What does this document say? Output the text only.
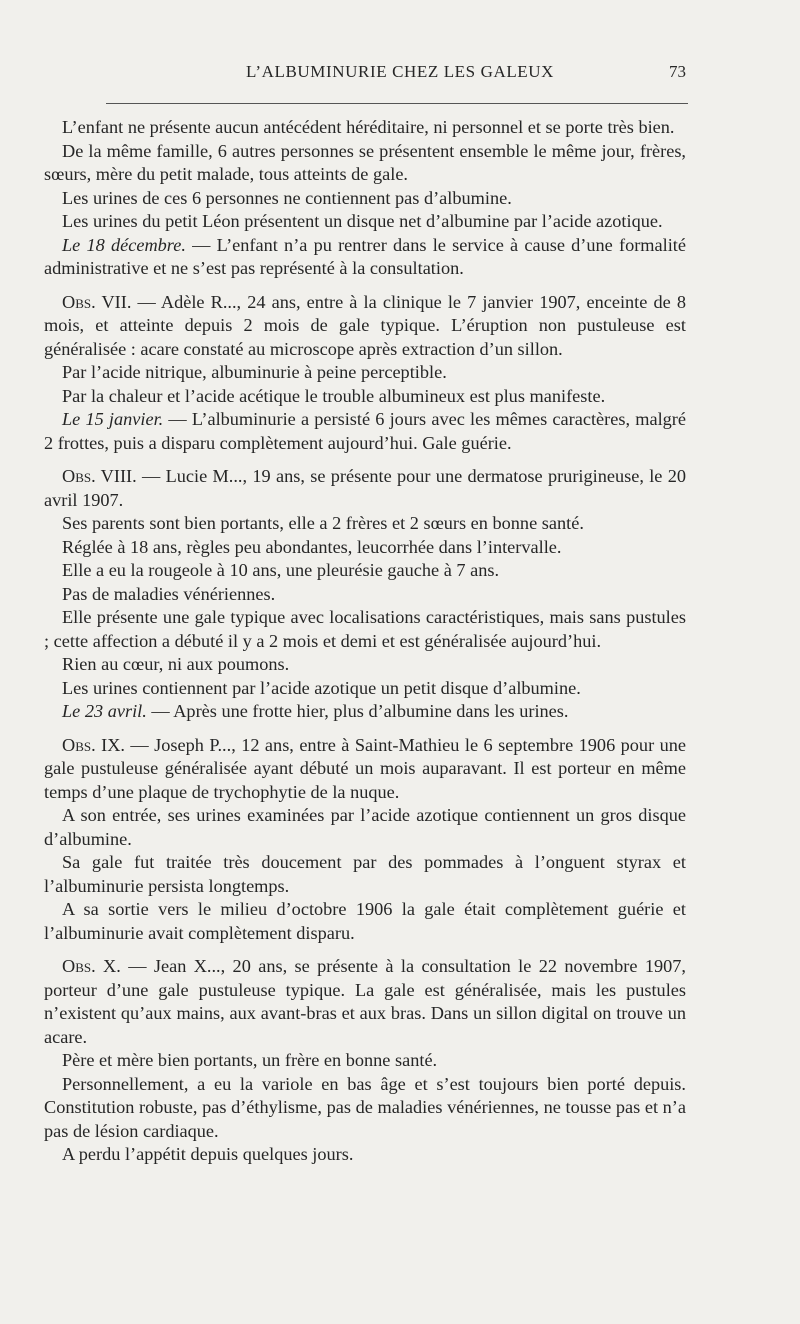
L’ALBUMINURIE CHEZ LES GALEUX	73

L’enfant ne présente aucun antécédent héréditaire, ni personnel et se porte très bien.

De la même famille, 6 autres personnes se présentent ensemble le même jour, frères, sœurs, mère du petit malade, tous atteints de gale.

Les urines de ces 6 personnes ne contiennent pas d’albumine.

Les urines du petit Léon présentent un disque net d’albumine par l’acide azotique.

Le 18 décembre. — L’enfant n’a pu rentrer dans le service à cause d’une formalité administrative et ne s’est pas représenté à la consultation.

Obs. VII. — Adèle R..., 24 ans, entre à la clinique le 7 janvier 1907, enceinte de 8 mois, et atteinte depuis 2 mois de gale typique. L’éruption non pustuleuse est généralisée : acare constaté au microscope après extraction d’un sillon.

Par l’acide nitrique, albuminurie à peine perceptible.

Par la chaleur et l’acide acétique le trouble albumineux est plus manifeste.

Le 15 janvier. — L’albuminurie a persisté 6 jours avec les mêmes caractères, malgré 2 frottes, puis a disparu complètement aujourd’hui. Gale guérie.

Obs. VIII. — Lucie M..., 19 ans, se présente pour une dermatose prurigineuse, le 20 avril 1907.

Ses parents sont bien portants, elle a 2 frères et 2 sœurs en bonne santé.

Réglée à 18 ans, règles peu abondantes, leucorrhée dans l’intervalle.

Elle a eu la rougeole à 10 ans, une pleurésie gauche à 7 ans.

Pas de maladies vénériennes.

Elle présente une gale typique avec localisations caractéristiques, mais sans pustules ; cette affection a débuté il y a 2 mois et demi et est généralisée aujourd’hui.

Rien au cœur, ni aux poumons.

Les urines contiennent par l’acide azotique un petit disque d’albumine.

Le 23 avril. — Après une frotte hier, plus d’albumine dans les urines.

Obs. IX. — Joseph P..., 12 ans, entre à Saint-Mathieu le 6 septembre 1906 pour une gale pustuleuse généralisée ayant débuté un mois auparavant. Il est porteur en même temps d’une plaque de trychophytie de la nuque.

A son entrée, ses urines examinées par l’acide azotique contiennent un gros disque d’albumine.

Sa gale fut traitée très doucement par des pommades à l’onguent styrax et l’albuminurie persista longtemps.

A sa sortie vers le milieu d’octobre 1906 la gale était complètement guérie et l’albuminurie avait complètement disparu.

Obs. X. — Jean X..., 20 ans, se présente à la consultation le 22 novembre 1907, porteur d’une gale pustuleuse typique. La gale est généralisée, mais les pustules n’existent qu’aux mains, aux avant-bras et aux bras. Dans un sillon digital on trouve un acare.

Père et mère bien portants, un frère en bonne santé.

Personnellement, a eu la variole en bas âge et s’est toujours bien porté depuis. Constitution robuste, pas d’éthylisme, pas de maladies vénériennes, ne tousse pas et n’a pas de lésion cardiaque.

A perdu l’appétit depuis quelques jours.
